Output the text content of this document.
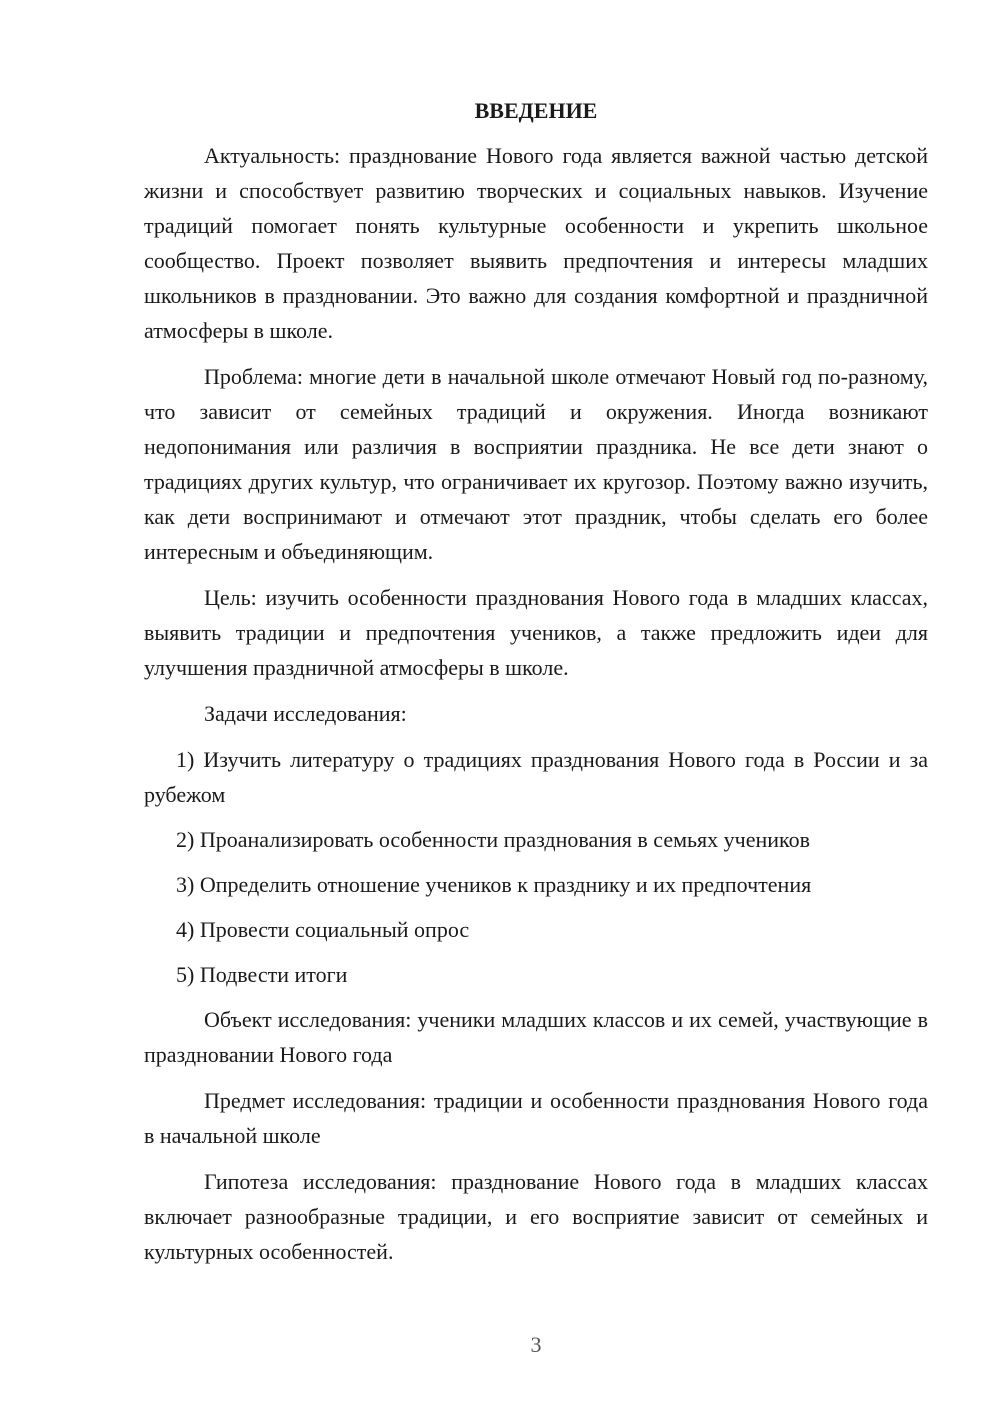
ВВЕДЕНИЕ

Актуальность: празднование Нового года является важной частью детской жизни и способствует развитию творческих и социальных навыков. Изучение традиций помогает понять культурные особенности и укрепить школьное сообщество. Проект позволяет выявить предпочтения и интересы младших школьников в праздновании. Это важно для создания комфортной и праздничной атмосферы в школе.

Проблема: многие дети в начальной школе отмечают Новый год по-разному, что зависит от семейных традиций и окружения. Иногда возникают недопонимания или различия в восприятии праздника. Не все дети знают о традициях других культур, что ограничивает их кругозор. Поэтому важно изучить, как дети воспринимают и отмечают этот праздник, чтобы сделать его более интересным и объединяющим.

Цель: изучить особенности празднования Нового года в младших классах, выявить традиции и предпочтения учеников, а также предложить идеи для улучшения праздничной атмосферы в школе.

Задачи исследования:

1) Изучить литературу о традициях празднования Нового года в России и за рубежом
2) Проанализировать особенности празднования в семьях учеников
3) Определить отношение учеников к празднику и их предпочтения
4) Провести социальный опрос
5) Подвести итоги

Объект исследования: ученики младших классов и их семей, участвующие в праздновании Нового года

Предмет исследования: традиции и особенности празднования Нового года в начальной школе

Гипотеза исследования: празднование Нового года в младших классах включает разнообразные традиции, и его восприятие зависит от семейных и культурных особенностей.

3
